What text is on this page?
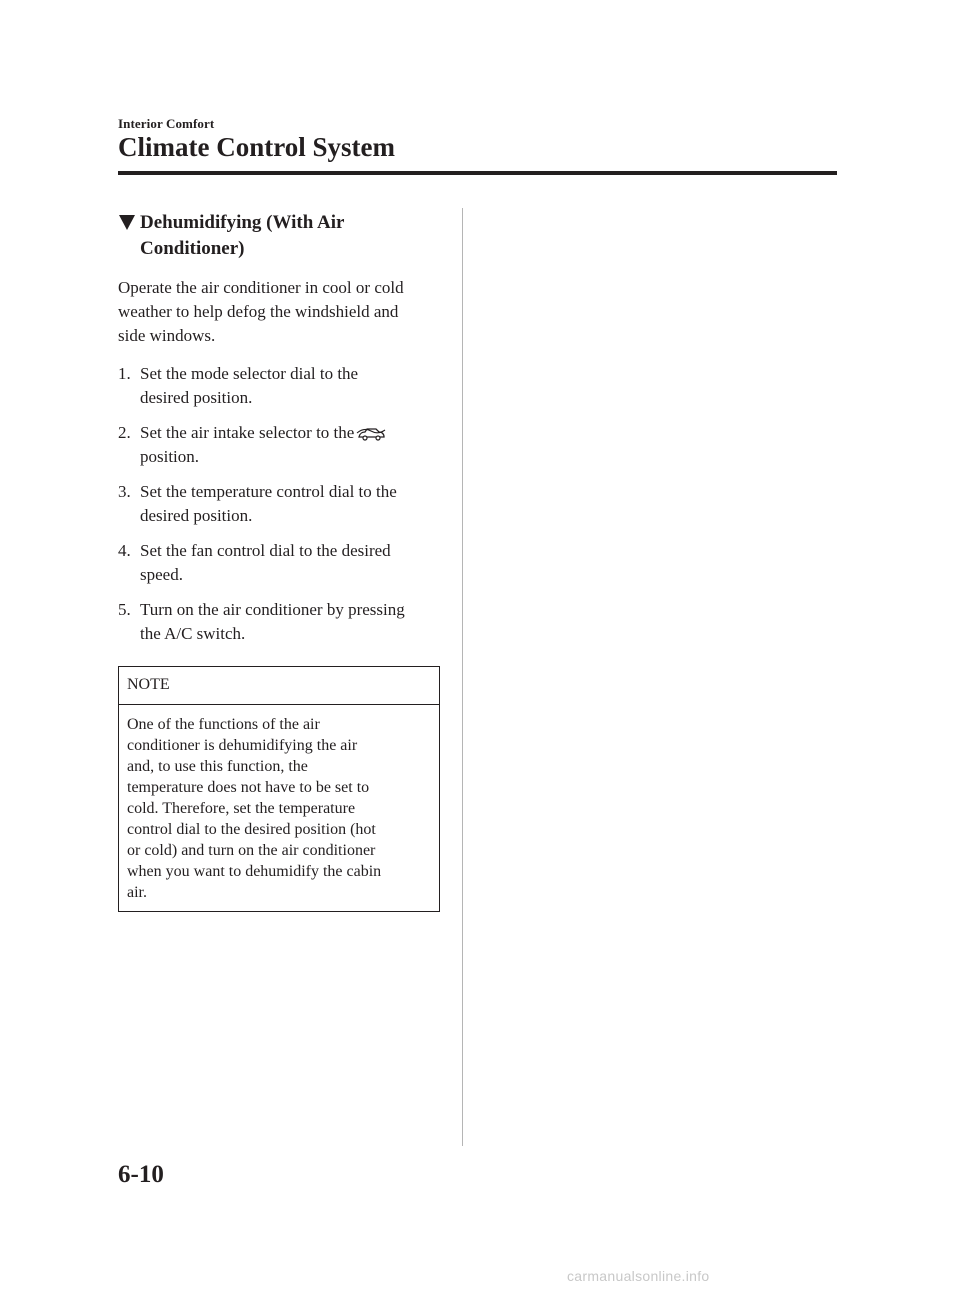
Interior Comfort
Climate Control System
Dehumidifying (With Air
Conditioner)

Operate the air conditioner in cool or cold
weather to help defog the windshield and
side windows.

1. Set the mode selector dial to the
desired position.
2. Set the air intake selector to the
position.
3. Set the temperature control dial to the
desired position.
4. Set the fan control dial to the desired
speed.
5. Turn on the air conditioner by pressing
the A/C switch.
NOTE
One of the functions of the air
conditioner is dehumidifying the air
and, to use this function, the
temperature does not have to be set to
cold. Therefore, set the temperature
control dial to the desired position (hot
or cold) and turn on the air conditioner
when you want to dehumidify the cabin
air.
6-10
carmanualsonline.info
